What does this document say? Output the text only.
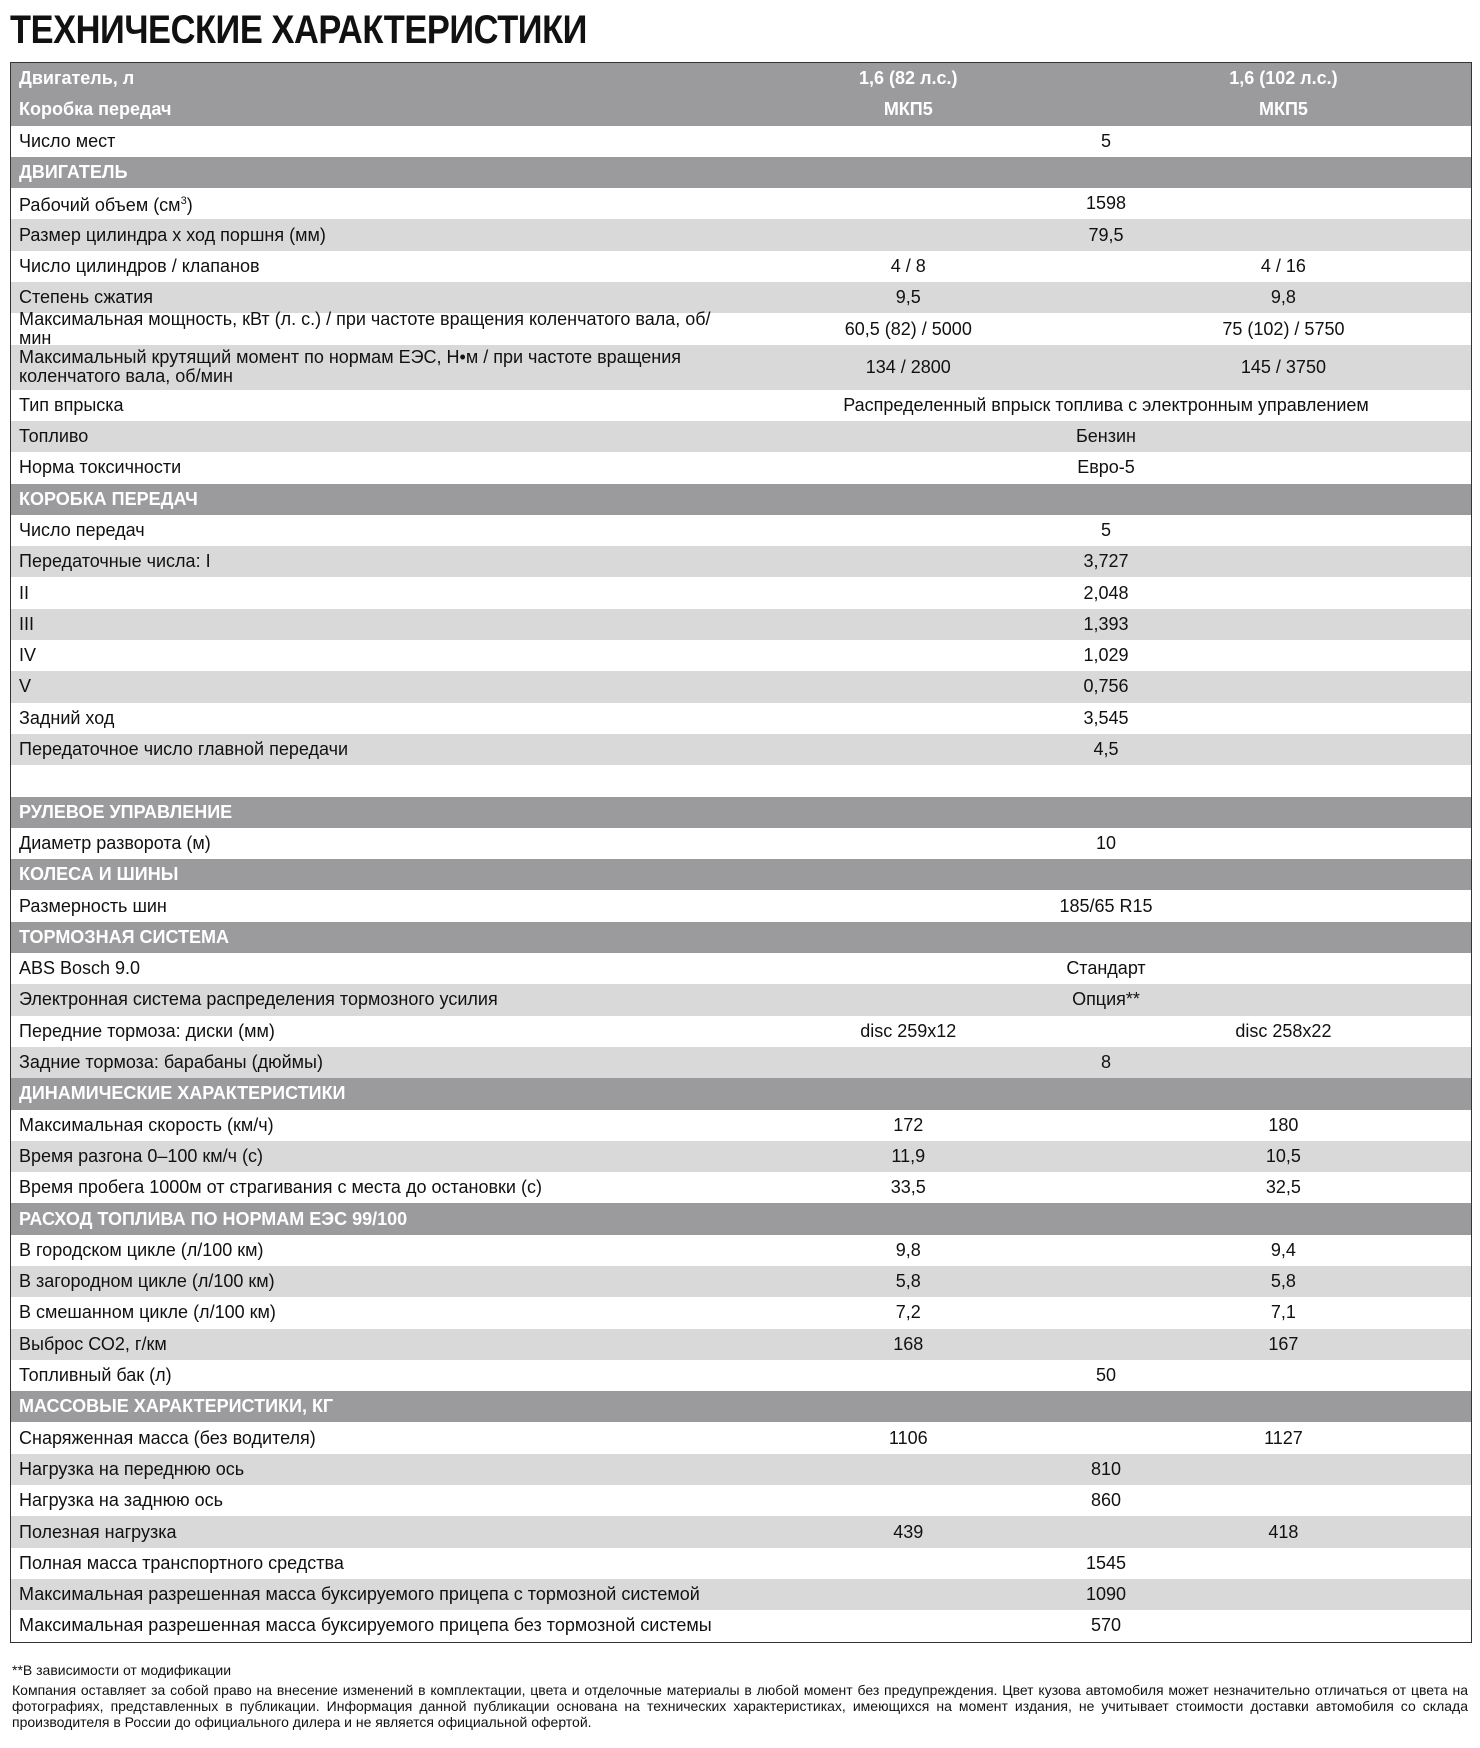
ТЕХНИЧЕСКИЕ ХАРАКТЕРИСТИКИ
Двигатель, л	1,6 (82 л.с.)	1,6 (102 л.с.)
Коробка передач	МКП5	МКП5
Число мест	5
ДВИГАТЕЛЬ
Рабочий объем $(см^3)$	1598
Размер цилиндра х ход поршня (мм)	79,5
Число цилиндров / клапанов	4 / 8	4 / 16
Степень сжатия	9,5	9,8
Максимальная мощность, кВт (л. с.) / при частоте вращения коленчатого вала, об/мин	60,5 (82) / 5000	75 (102) / 5750
Максимальный крутящий момент по нормам ЕЭС, Н•м / при частоте вращения коленчатого вала, об/мин	134 / 2800	145 / 3750
Тип впрыска	Распределенный впрыск топлива с электронным управлением
Топливо	Бензин
Норма токсичности	Евро-5
КОРОБКА ПЕРЕДАЧ
Число передач	5
Передаточные числа: I	3,727
II	2,048
III	1,393
IV	1,029
V	0,756
Задний ход	3,545
Передаточное число главной передачи	4,5
РУЛЕВОЕ УПРАВЛЕНИЕ
Диаметр разворота (м)	10
КОЛЕСА И ШИНЫ
Размерность шин	185/65 R15
ТОРМОЗНАЯ СИСТЕМА
ABS Bosch 9.0	Стандарт
Электронная система распределения тормозного усилия	Опция**
Передние тормоза: диски (мм)	disc 259x12	disc 258x22
Задние тормоза: барабаны (дюймы)	8
ДИНАМИЧЕСКИЕ ХАРАКТЕРИСТИКИ
Максимальная скорость (км/ч)	172	180
Время разгона 0–100 км/ч (с)	11,9	10,5
Время пробега 1000м от страгивания с места до остановки (с)	33,5	32,5
РАСХОД ТОПЛИВА ПО НОРМАМ ЕЭС 99/100
В городском цикле (л/100 км)	9,8	9,4
В загородном цикле (л/100 км)	5,8	5,8
В смешанном цикле (л/100 км)	7,2	7,1
Выброс СО2, г/км	168	167
Топливный бак (л)	50
МАССОВЫЕ ХАРАКТЕРИСТИКИ, КГ
Снаряженная масса (без водителя)	1106	1127
Нагрузка на переднюю ось	810
Нагрузка на заднюю ось	860
Полезная нагрузка	439	418
Полная масса транспортного средства	1545
Максимальная разрешенная масса буксируемого прицепа с тормозной системой	1090
Максимальная разрешенная масса буксируемого прицепа без тормозной системы	570
**В зависимости от модификации
Компания оставляет за собой право на внесение изменений в комплектации, цвета и отделочные материалы в любой момент без предупреждения. Цвет кузова автомобиля может незначительно отличаться от цвета на фотографиях, представленных в публикации. Информация данной публикации основана на технических характеристиках, имеющихся на момент издания, не учитывает стоимости доставки автомобиля со склада производителя в России до официального дилера и не является официальной офертой.
